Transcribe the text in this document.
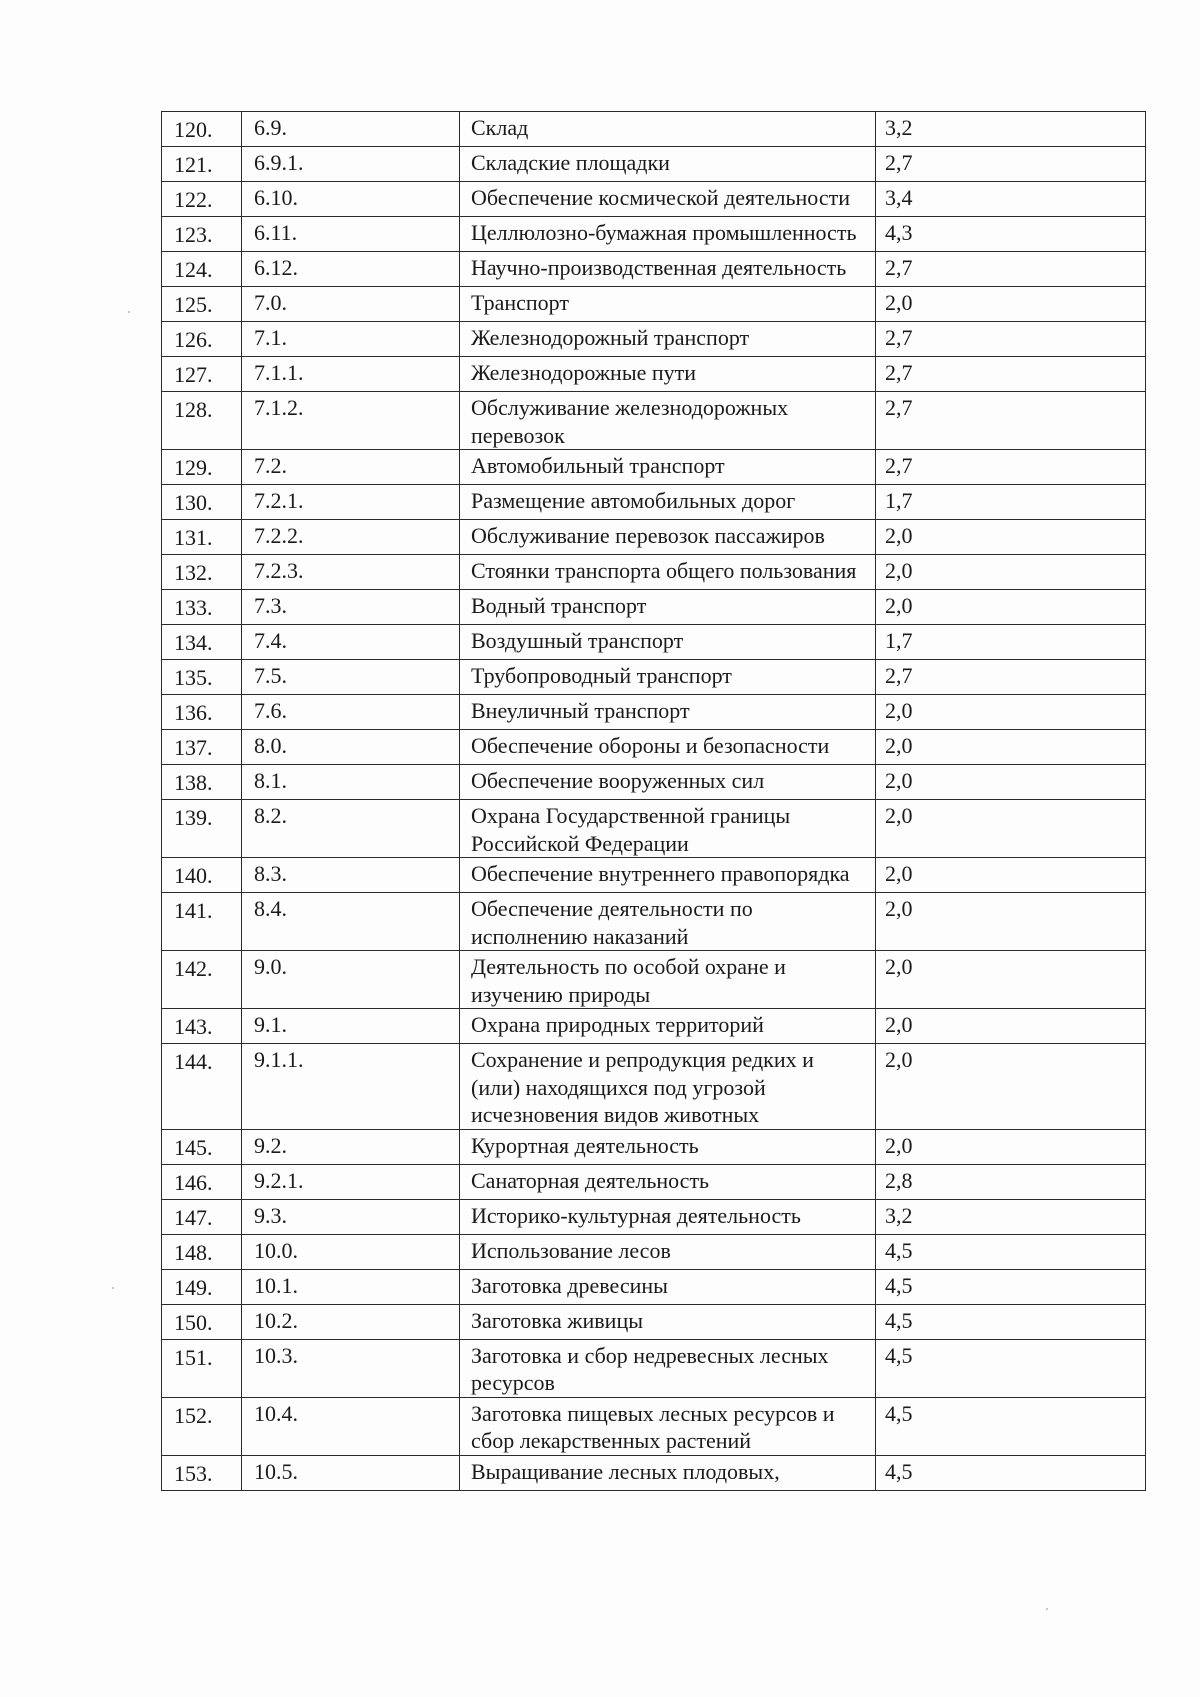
120.	6.9.	Склад	3,2
121.	6.9.1.	Складские площадки	2,7
122.	6.10.	Обеспечение космической деятельности	3,4
123.	6.11.	Целлюлозно-бумажная промышленность	4,3
124.	6.12.	Научно-производственная деятельность	2,7
125.	7.0.	Транспорт	2,0
126.	7.1.	Железнодорожный транспорт	2,7
127.	7.1.1.	Железнодорожные пути	2,7
128.	7.1.2.	Обслуживание железнодорожных перевозок	2,7
129.	7.2.	Автомобильный транспорт	2,7
130.	7.2.1.	Размещение автомобильных дорог	1,7
131.	7.2.2.	Обслуживание перевозок пассажиров	2,0
132.	7.2.3.	Стоянки транспорта общего пользования	2,0
133.	7.3.	Водный транспорт	2,0
134.	7.4.	Воздушный транспорт	1,7
135.	7.5.	Трубопроводный транспорт	2,7
136.	7.6.	Внеуличный транспорт	2,0
137.	8.0.	Обеспечение обороны и безопасности	2,0
138.	8.1.	Обеспечение вооруженных сил	2,0
139.	8.2.	Охрана Государственной границы Российской Федерации	2,0
140.	8.3.	Обеспечение внутреннего правопорядка	2,0
141.	8.4.	Обеспечение деятельности по исполнению наказаний	2,0
142.	9.0.	Деятельность по особой охране и изучению природы	2,0
143.	9.1.	Охрана природных территорий	2,0
144.	9.1.1.	Сохранение и репродукция редких и (или) находящихся под угрозой исчезновения видов животных	2,0
145.	9.2.	Курортная деятельность	2,0
146.	9.2.1.	Санаторная деятельность	2,8
147.	9.3.	Историко-культурная деятельность	3,2
148.	10.0.	Использование лесов	4,5
149.	10.1.	Заготовка древесины	4,5
150.	10.2.	Заготовка живицы	4,5
151.	10.3.	Заготовка и сбор недревесных лесных ресурсов	4,5
152.	10.4.	Заготовка пищевых лесных ресурсов и сбор лекарственных растений	4,5
153.	10.5.	Выращивание лесных плодовых,	4,5
